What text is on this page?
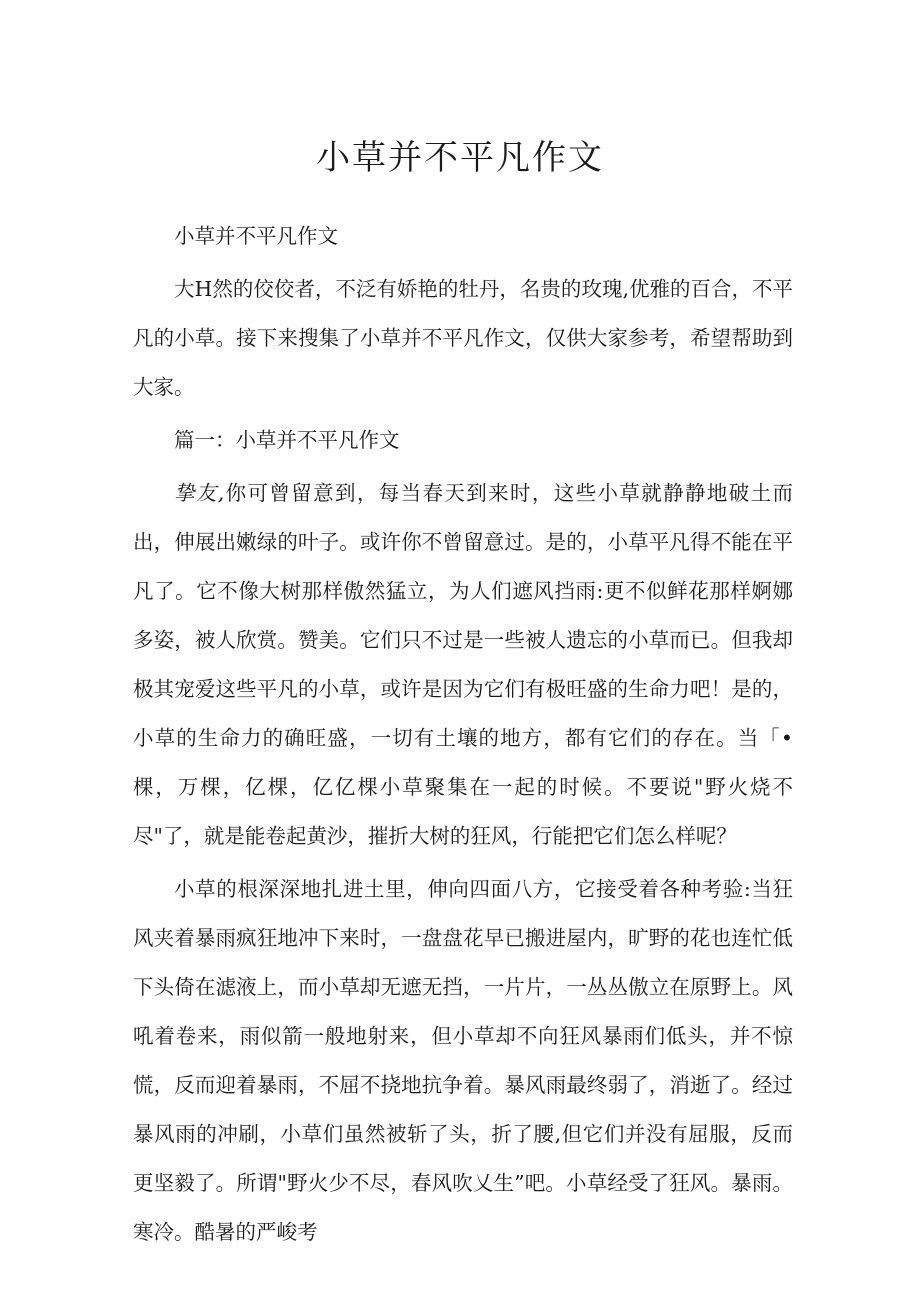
小草并不平凡作文

小草并不平凡作文

大H然的佼佼者，不泛有娇艳的牡丹，名贵的玫瑰,优雅的百合，不平凡的小草。接下来搜集了小草并不平凡作文，仅供大家参考，希望帮助到大家。

篇一：小草并不平凡作文

挚友,你可曾留意到，每当春天到来时，这些小草就静静地破土而出，伸展出嫩绿的叶子。或许你不曾留意过。是的，小草平凡得不能在平凡了。它不像大树那样傲然猛立，为人们遮风挡雨:更不似鲜花那样婀娜多姿，被人欣赏。赞美。它们只不过是一些被人遗忘的小草而已。但我却极其宠爱这些平凡的小草，或许是因为它们有极旺盛的生命力吧！是的，小草的生命力的确旺盛，一切有土壤的地方，都有它们的存在。当「•棵，万棵，亿棵，亿亿棵小草聚集在一起的时候。不要说"野火烧不尽"了，就是能卷起黄沙，摧折大树的狂风，行能把它们怎么样呢？

小草的根深深地扎进土里，伸向四面八方，它接受着各种考验:当狂风夹着暴雨疯狂地冲下来时，一盘盘花早已搬进屋内，旷野的花也连忙低下头倚在滤液上，而小草却无遮无挡，一片片，一丛丛傲立在原野上。风吼着卷来，雨似箭一般地射来，但小草却不向狂风暴雨们低头，并不惊慌，反而迎着暴雨，不屈不挠地抗争着。暴风雨最终弱了，消逝了。经过暴风雨的冲刷，小草们虽然被斩了头，折了腰,但它们并没有屈服，反而更坚毅了。所谓"野火少不尽，春风吹乂生”吧。小草经受了狂风。暴雨。寒冷。酷暑的严峻考
